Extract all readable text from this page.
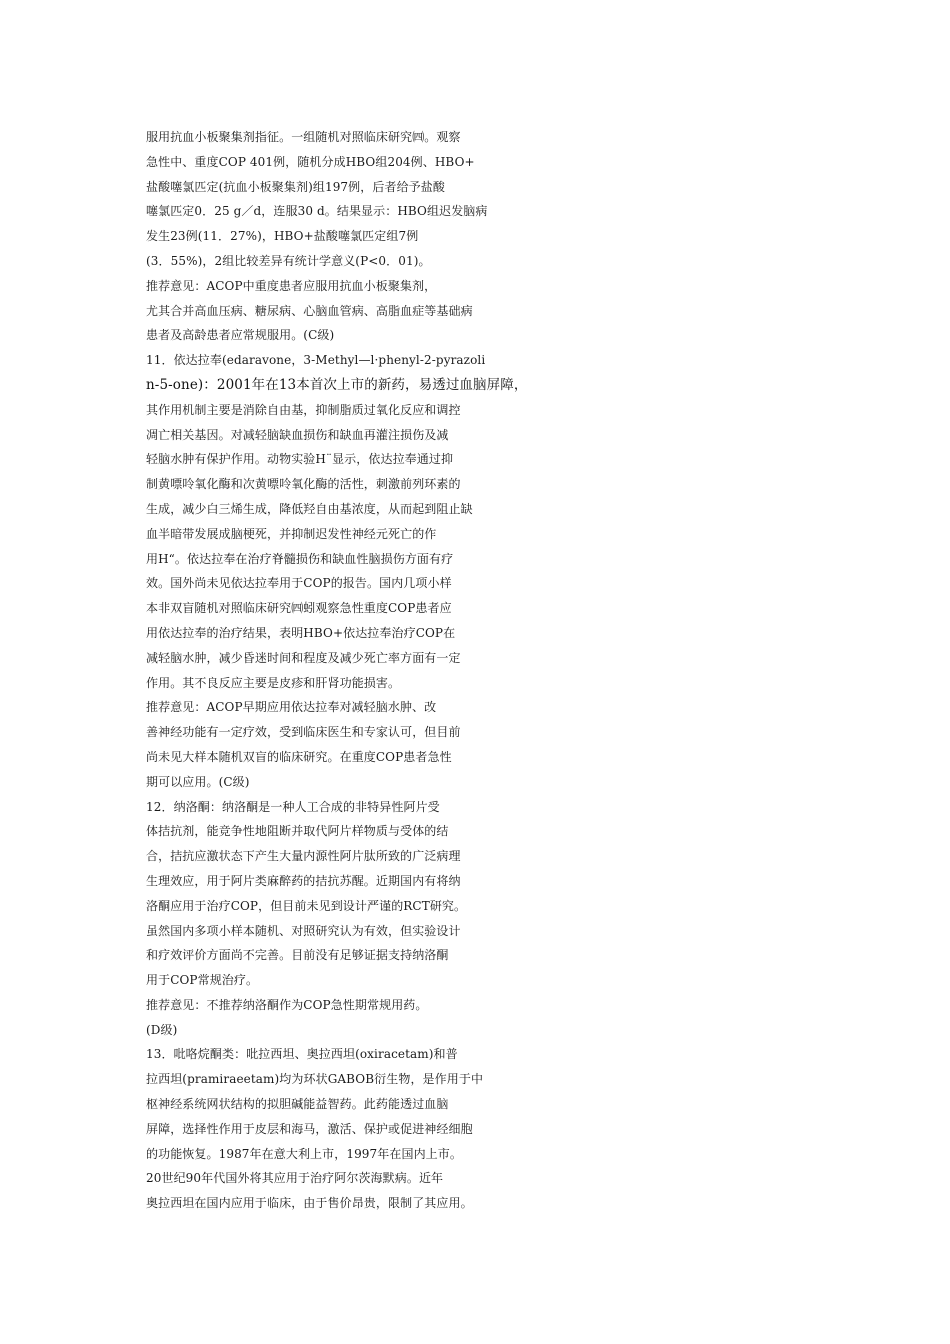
服用抗血小板聚集剂指征。一组随机对照临床研究㈣。观察
急性中、重度COP 401例，随机分成HBO组204例、HBO+
盐酸噻氯匹定(抗血小板聚集剂)组197例，后者给予盐酸
噻氯匹定0．25 g／d，连服30 d。结果显示：HBO组迟发脑病
发生23例(11．27%)，HBO+盐酸噻氯匹定组7例
(3．55%)，2组比较差异有统计学意义(P<0．01)。
推荐意见：ACOP中重度患者应服用抗血小板聚集剂，
尤其合并高血压病、糖尿病、心脑血管病、高脂血症等基础病
患者及高龄患者应常规服用。(C级)
11．依达拉奉(edaravone，3-Methyl—l·phenyl-2-pyrazoli
n-5-one)：2001年在13本首次上市的新药，易透过血脑屏障，
其作用机制主要是消除自由基，抑制脂质过氧化反应和调控
凋亡相关基因。对减轻脑缺血损伤和缺血再灌注损伤及减
轻脑水肿有保护作用。动物实验H¨显示，依达拉奉通过抑
制黄嘌呤氧化酶和次黄嘌呤氧化酶的活性，刺激前列环素的
生成，减少白三烯生成，降低羟自由基浓度，从而起到阻止缺
血半暗带发展成脑梗死，并抑制迟发性神经元死亡的作
用H“。依达拉奉在治疗脊髓损伤和缺血性脑损伤方面有疗
效。国外尚未见依达拉奉用于COP的报告。国内几项小样
本非双盲随机对照临床研究㈣蚓观察急性重度COP患者应
用依达拉奉的治疗结果，表明HBO+依达拉奉治疗COP在
减轻脑水肿，减少昏迷时间和程度及减少死亡率方面有一定
作用。其不良反应主要是皮疹和肝肾功能损害。
推荐意见：ACOP早期应用依达拉奉对减轻脑水肿、改
善神经功能有一定疗效，受到临床医生和专家认可，但目前
尚未见大样本随机双盲的临床研究。在重度COP患者急性
期可以应用。(C级)
12．纳洛酮：纳洛酮是一种人工合成的非特异性阿片受
体拮抗剂，能竞争性地阻断并取代阿片样物质与受体的结
合，拮抗应激状态下产生大量内源性阿片肽所致的广泛病理
生理效应，用于阿片类麻醉药的拮抗苏醒。近期国内有将纳
洛酮应用于治疗COP，但目前未见到设计严谨的RCT研究。
虽然国内多项小样本随机、对照研究认为有效，但实验设计
和疗效评价方面尚不完善。目前没有足够证据支持纳洛酮
用于COP常规治疗。
推荐意见：不推荐纳洛酮作为COP急性期常规用药。
(D级)
13．吡咯烷酮类：吡拉西坦、奥拉西坦(oxiracetam)和普
拉西坦(pramiraeetam)均为环状GABOB衍生物，是作用于中
枢神经系统网状结构的拟胆碱能益智药。此药能透过血脑
屏障，选择性作用于皮层和海马，激活、保护或促进神经细胞
的功能恢复。1987年在意大利上市，1997年在国内上市。
20世纪90年代国外将其应用于治疗阿尔茨海默病。近年
奥拉西坦在国内应用于临床，由于售价昂贵，限制了其应用。
